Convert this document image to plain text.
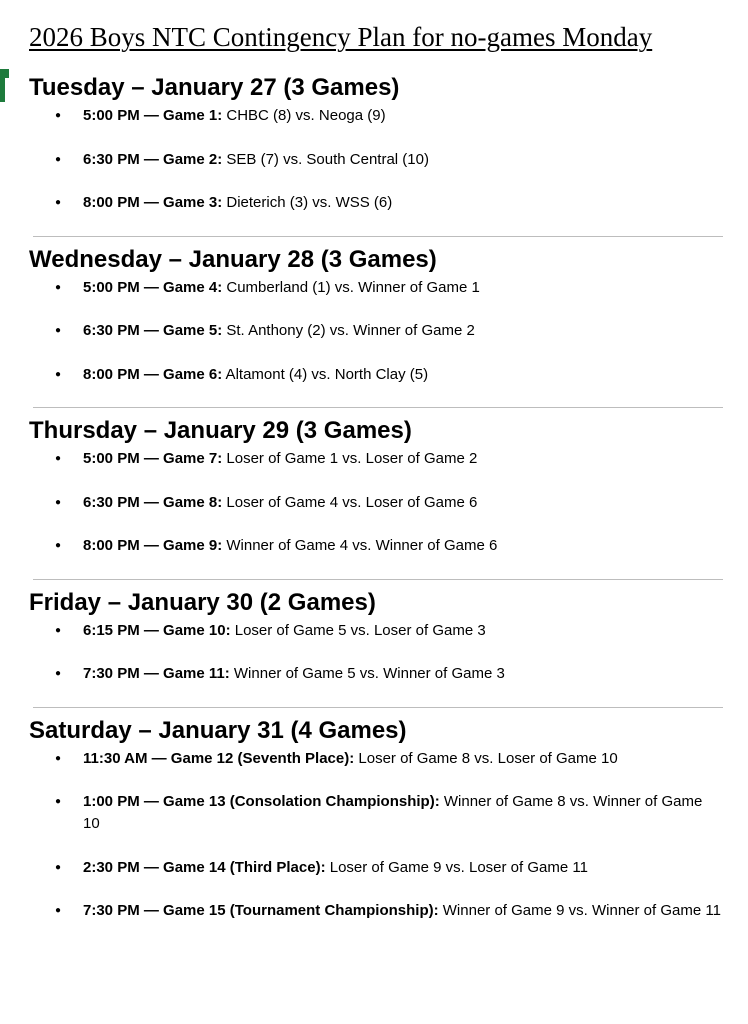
2026 Boys NTC Contingency Plan for no-games Monday
Tuesday – January 27 (3 Games)
● 5:00 PM — Game 1: CHBC (8) vs. Neoga (9)
● 6:30 PM — Game 2: SEB (7) vs. South Central (10)
● 8:00 PM — Game 3: Dieterich (3) vs. WSS (6)
Wednesday – January 28 (3 Games)
● 5:00 PM — Game 4: Cumberland (1) vs. Winner of Game 1
● 6:30 PM — Game 5: St. Anthony (2) vs. Winner of Game 2
● 8:00 PM — Game 6: Altamont (4) vs. North Clay (5)
Thursday – January 29 (3 Games)
● 5:00 PM — Game 7: Loser of Game 1 vs. Loser of Game 2
● 6:30 PM — Game 8: Loser of Game 4 vs. Loser of Game 6
● 8:00 PM — Game 9: Winner of Game 4 vs. Winner of Game 6
Friday – January 30 (2 Games)
● 6:15 PM — Game 10: Loser of Game 5 vs. Loser of Game 3
● 7:30 PM — Game 11: Winner of Game 5 vs. Winner of Game 3
Saturday – January 31 (4 Games)
● 11:30 AM — Game 12 (Seventh Place): Loser of Game 8 vs. Loser of Game 10
● 1:00 PM — Game 13 (Consolation Championship): Winner of Game 8 vs. Winner of Game 10
● 2:30 PM — Game 14 (Third Place): Loser of Game 9 vs. Loser of Game 11
● 7:30 PM — Game 15 (Tournament Championship): Winner of Game 9 vs. Winner of Game 11
